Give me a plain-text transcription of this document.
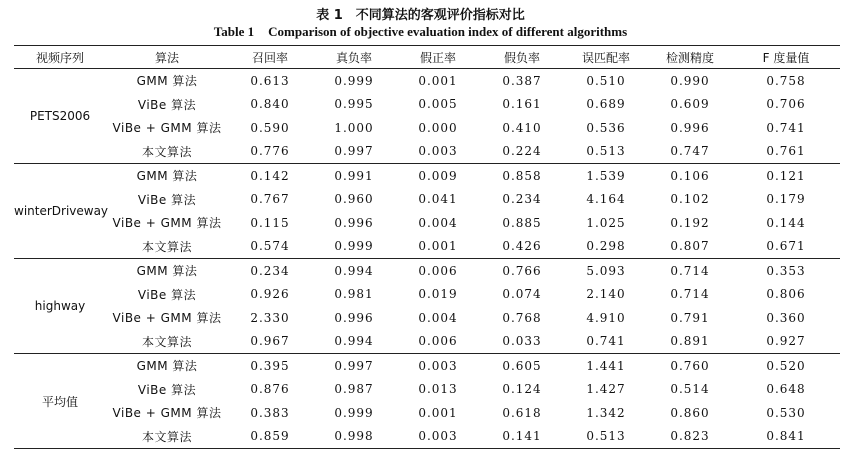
表 1　不同算法的客观评价指标对比
Table 1 Comparison of objective evaluation index of different algorithms
视频序列	算法	召回率	真负率	假正率	假负率	误匹配率	检测精度	F 度量值
PETS2006	GMM 算法	0.613	0.999	0.001	0.387	0.510	0.990	0.758
	ViBe 算法	0.840	0.995	0.005	0.161	0.689	0.609	0.706
	ViBe + GMM 算法	0.590	1.000	0.000	0.410	0.536	0.996	0.741
	本文算法	0.776	0.997	0.003	0.224	0.513	0.747	0.761
winterDriveway	GMM 算法	0.142	0.991	0.009	0.858	1.539	0.106	0.121
	ViBe 算法	0.767	0.960	0.041	0.234	4.164	0.102	0.179
	ViBe + GMM 算法	0.115	0.996	0.004	0.885	1.025	0.192	0.144
	本文算法	0.574	0.999	0.001	0.426	0.298	0.807	0.671
highway	GMM 算法	0.234	0.994	0.006	0.766	5.093	0.714	0.353
	ViBe 算法	0.926	0.981	0.019	0.074	2.140	0.714	0.806
	ViBe + GMM 算法	2.330	0.996	0.004	0.768	4.910	0.791	0.360
	本文算法	0.967	0.994	0.006	0.033	0.741	0.891	0.927
平均值	GMM 算法	0.395	0.997	0.003	0.605	1.441	0.760	0.520
	ViBe 算法	0.876	0.987	0.013	0.124	1.427	0.514	0.648
	ViBe + GMM 算法	0.383	0.999	0.001	0.618	1.342	0.860	0.530
	本文算法	0.859	0.998	0.003	0.141	0.513	0.823	0.841
